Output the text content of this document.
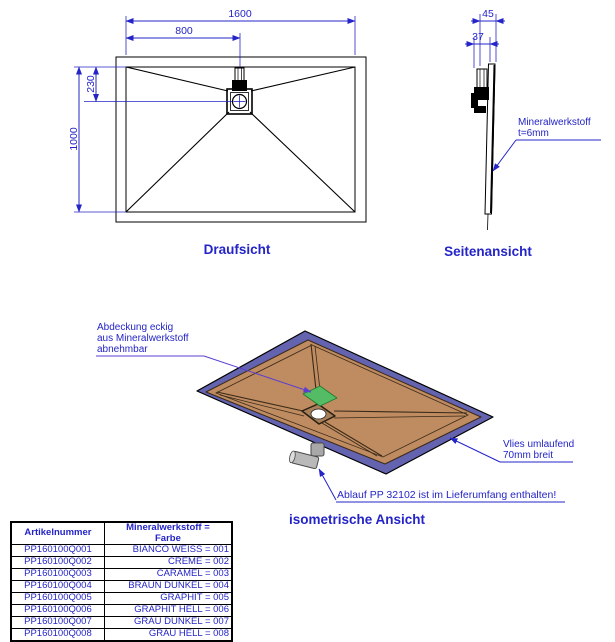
1600
800
230
1000
Draufsicht
45
37
Mineralwerkstoff
t=6mm
Seitenansicht
Abdeckung eckig
aus Mineralwerkstoff
abnehmbar
Vlies umlaufend
70mm breit
Ablauf PP 32102 ist im Lieferumfang enthalten!
isometrische Ansicht
Artikelnummer	Mineralwerkstoff =
Farbe

PP160100Q001	BIANCO WEISS = 001
PP160100Q002	CREME = 002
PP160100Q003	CARAMEL = 003
PP160100Q004	BRAUN DUNKEL = 004
PP160100Q005	GRAPHIT = 005
PP160100Q006	GRAPHIT HELL = 006
PP160100Q007	GRAU DUNKEL = 007
PP160100Q008	GRAU HELL = 008
